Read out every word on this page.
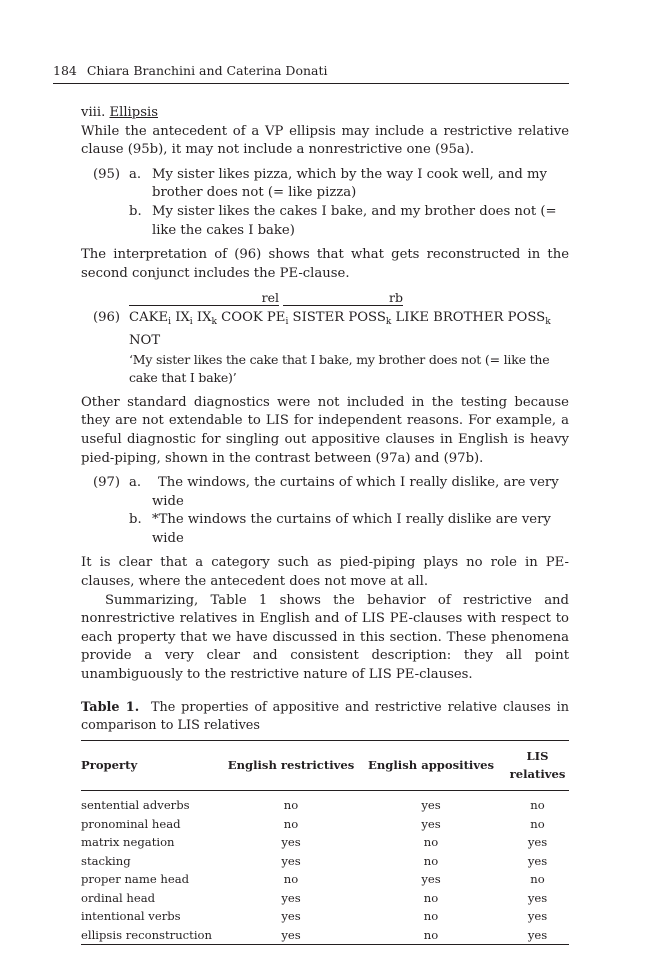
184 Chiara Branchini and Caterina Donati

viii. Ellipsis

While the antecedent of a VP ellipsis may include a restrictive relative clause (95b), it may not include a nonrestrictive one (95a).

(95) a. My sister likes pizza, which by the way I cook well, and my brother does not (= like pizza)
b. My sister likes the cakes I bake, and my brother does not (= like the cakes I bake)

The interpretation of (96) shows that what gets reconstructed in the second conjunct includes the PE-clause.

rel	rb
(96) $CAKE_i$ $IX_i$ $IX_k$ COOK $PE_i$ SISTER $POSS_k$ LIKE BROTHER $POSS_k$ NOT
‘My sister likes the cake that I bake, my brother does not (= like the cake that I bake)’

Other standard diagnostics were not included in the testing because they are not extendable to LIS for independent reasons. For example, a useful diagnostic for singling out appositive clauses in English is heavy pied-piping, shown in the contrast between (97a) and (97b).

(97) a. The windows, the curtains of which I really dislike, are very wide
b. *The windows the curtains of which I really dislike are very wide

It is clear that a category such as pied-piping plays no role in PE-clauses, where the antecedent does not move at all.

Summarizing, Table 1 shows the behavior of restrictive and nonrestrictive relatives in English and of LIS PE-clauses with respect to each property that we have discussed in this section. These phenomena provide a very clear and consistent description: they all point unambiguously to the restrictive nature of LIS PE-clauses.

Table 1. The properties of appositive and restrictive relative clauses in comparison to LIS relatives

Property	English restrictives	English appositives	LIS relatives
sentential adverbs	no	yes	no
pronominal head	no	yes	no
matrix negation	yes	no	yes
stacking	yes	no	yes
proper name head	no	yes	no
ordinal head	yes	no	yes
intentional verbs	yes	no	yes
ellipsis reconstruction	yes	no	yes
